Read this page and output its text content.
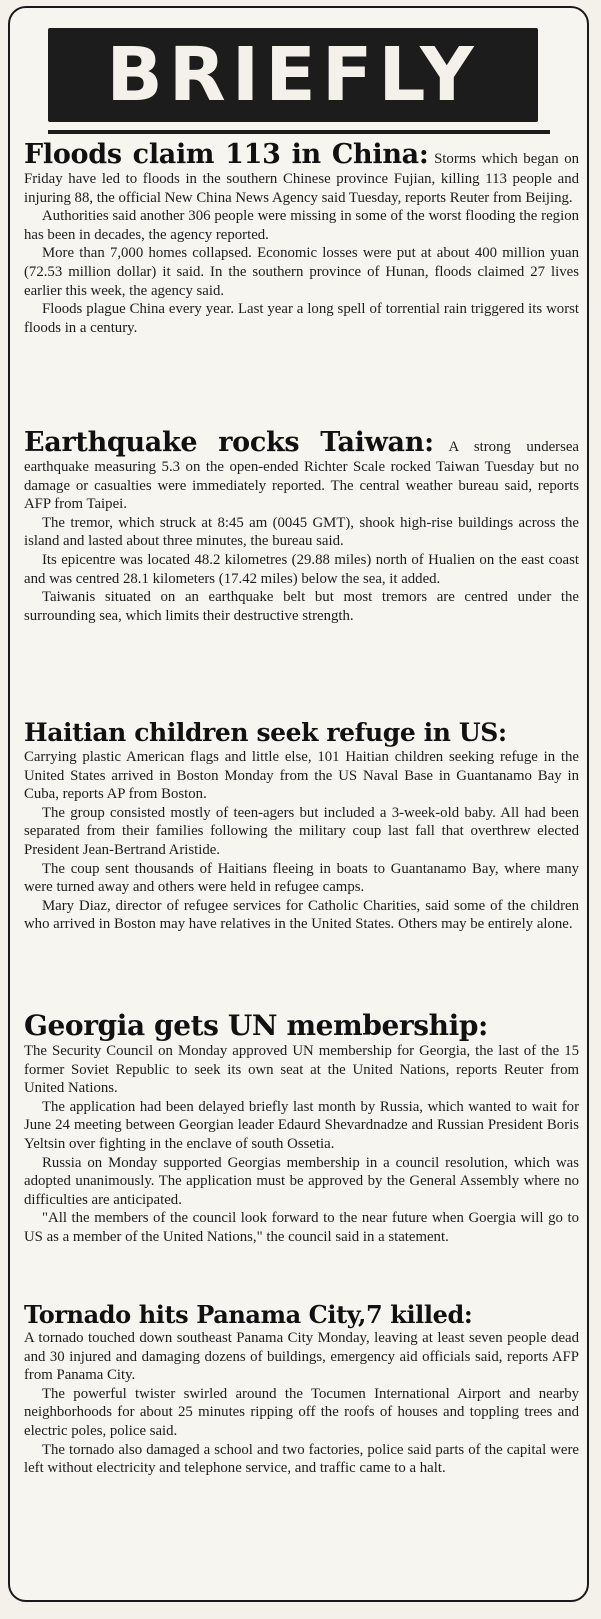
BRIEFLY

Floods claim 113 in China: Storms which began on Friday have led to floods in the southern Chinese province Fujian, killing 113 people and injuring 88, the official New China News Agency said Tuesday, reports Reuter from Beijing.

Authorities said another 306 people were missing in some of the worst flooding the region has been in decades, the agency reported.

More than 7,000 homes collapsed. Economic losses were put at about 400 million yuan (72.53 million dollar) it said. In the southern province of Hunan, floods claimed 27 lives earlier this week, the agency said.

Floods plague China every year. Last year a long spell of torrential rain triggered its worst floods in a century.

Earthquake rocks Taiwan: A strong undersea earthquake measuring 5.3 on the open-ended Richter Scale rocked Taiwan Tuesday but no damage or casualties were immediately reported. The central weather bureau said, reports AFP from Taipei.

The tremor, which struck at 8:45 am (0045 GMT), shook high-rise buildings across the island and lasted about three minutes, the bureau said.

Its epicentre was located 48.2 kilometres (29.88 miles) north of Hualien on the east coast and was centred 28.1 kilometers (17.42 miles) below the sea, it added.

Taiwanis situated on an earthquake belt but most tremors are centred under the surrounding sea, which limits their destructive strength.

Haitian children seek refuge in US:

Carrying plastic American flags and little else, 101 Haitian children seeking refuge in the United States arrived in Boston Monday from the US Naval Base in Guantanamo Bay in Cuba, reports AP from Boston.

The group consisted mostly of teen-agers but included a 3-week-old baby. All had been separated from their families following the military coup last fall that overthrew elected President Jean-Bertrand Aristide.

The coup sent thousands of Haitians fleeing in boats to Guantanamo Bay, where many were turned away and others were held in refugee camps.

Mary Diaz, director of refugee services for Catholic Charities, said some of the children who arrived in Boston may have relatives in the United States. Others may be entirely alone.

Georgia gets UN membership:

The Security Council on Monday approved UN membership for Georgia, the last of the 15 former Soviet Republic to seek its own seat at the United Nations, reports Reuter from United Nations.

The application had been delayed briefly last month by Russia, which wanted to wait for June 24 meeting between Georgian leader Edaurd Shevardnadze and Russian President Boris Yeltsin over fighting in the enclave of south Ossetia.

Russia on Monday supported Georgias membership in a council resolution, which was adopted unanimously. The application must be approved by the General Assembly where no difficulties are anticipated.

"All the members of the council look forward to the near future when Goergia will go to US as a member of the United Nations," the council said in a statement.

Tornado hits Panama City,7 killed:

A tornado touched down southeast Panama City Monday, leaving at least seven people dead and 30 injured and damaging dozens of buildings, emergency aid officials said, reports AFP from Panama City.

The powerful twister swirled around the Tocumen International Airport and nearby neighborhoods for about 25 minutes ripping off the roofs of houses and toppling trees and electric poles, police said.

The tornado also damaged a school and two factories, police said parts of the capital were left without electricity and telephone service, and traffic came to a halt.
